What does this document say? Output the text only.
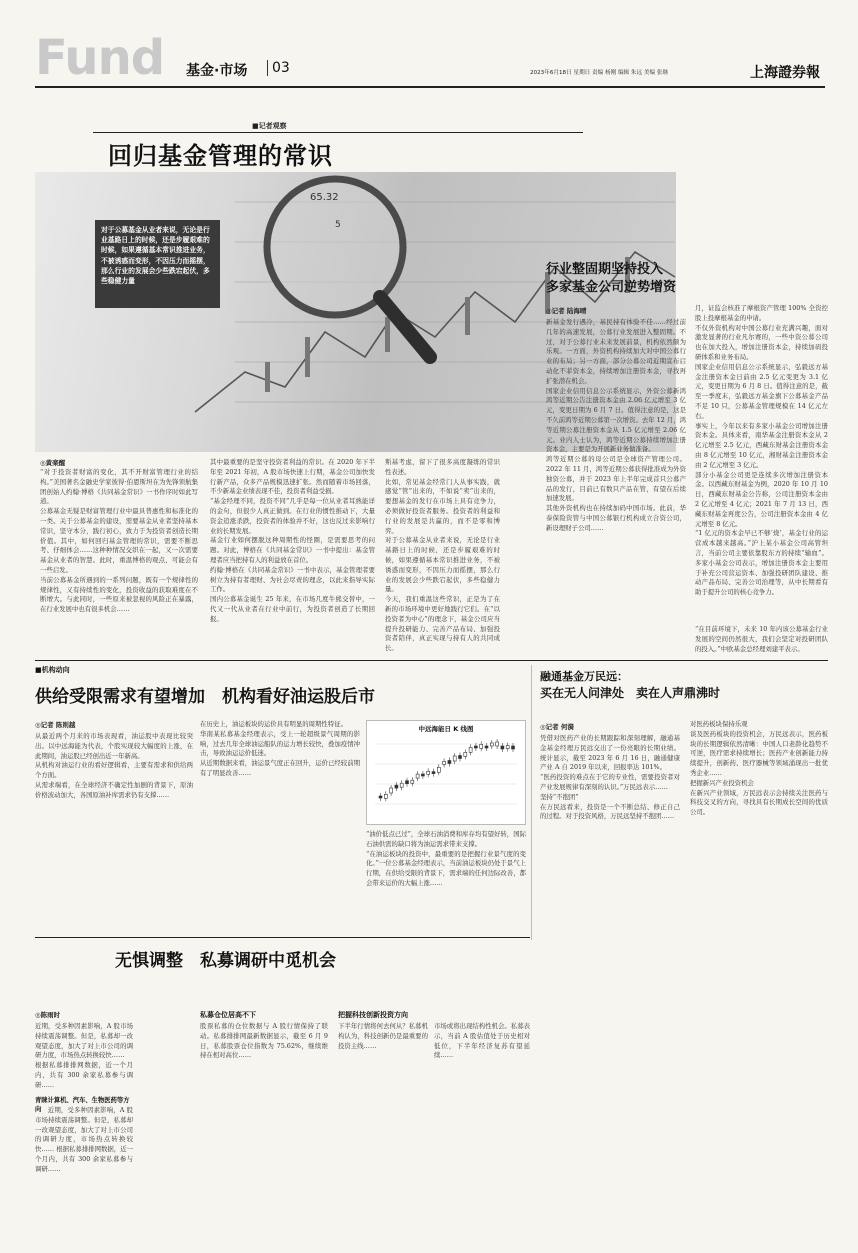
Fund 基金·市场 03	2023年6月18日 星期日 责编 杨刚 编辑 朱远 美编 张继	上海證券報
■记者观察
回归基金管理的常识
65.32
5
对于公募基金从业者来说，无论是行业基路日上的时候，还是步履艰难的时候，如果遵循基本常识推进业务，不被诱惑而变形，不因压力而摇摆，那么行业的发展会少些跌宕起伏，多些稳健力量
◎黄楽醒
“对于投资者财富的变化，其不开财富管理行业的结构。”美国著名金融史学家彼得·伯恩斯坦在为先锋领航集团创始人约翰·博格《共同基金常识》一书作序时如此写道。
公募基金无疑是财富管理行业中最具普惠性和标准化的一类。关于公募基金的建设，需要基金从业者坚持基本常识，坚守本分，践行初心，致力于为投资者创造长期价值。其中，如何回归基金管理的常识，需要不断思考、仔细体会……这种种情况交织在一起，又一次需要基金从业者的智慧。此时，重温博格的观点，可能会有一些启发。
当前公募基金所遇到的一系列问题，既有一个规律性的规律性，又有持续性的变化，投资收益的获取难度在不断增大。与此同时，一些原来被忽视的风险正在暴露，在行业发展中也有很多机会……
其中最重要的是坚守投资者利益的常识。在 2020 年下半年至 2021 年初，A 股市场快速上行期，基金公司加快发行新产品，众多产品规模迅速扩张。然而随着市场回落，不少新基金业绩表现不佳，投资者利益受损。
“基金经理不同，投资不同”几乎是每一位从业者耳熟能详的金句，但很少人真正做到。在行业的惯性推动下，大量资金追涨杀跌，投资者的体验并不好，这也反过来影响行业的长期发展。
基金行业如何摆脱这种周期性的怪圈，是需要思考的问题。对此，博格在《共同基金常识》一书中提出：基金管理者应当把持有人的利益放在首位。
约翰·博格在《共同基金常识》一书中表示，基金管理者要树立为持有者理财、为社会尽责的理念，以此来指导实际工作。
国内公募基金诞生 25 年来，在市场几度牛熊交替中，一代又一代从业者在行业中前行，为投资者创造了长期回报。
斯基考虑，留下了很多高度凝练的常识性表述。
比如，常见基金经常门人从事实践，就感觉“管”出来的，不如说“卖”出来的，要想基金的发行在市场上具有竞争力，必须做好投资者服务。投资者的利益和行业的发展是共赢的，而不是零和博弈。
对于公募基金从业者来说，无论是行业基路日上的时候，还是步履艰难的时候，如果遵循基本常识推进业务，不被诱惑而变形，不因压力而摇摆，那么行业的发展会少些跌宕起伏，多些稳健力量。
今天，我们重温这些常识，正是为了在新的市场环境中更好地践行它们。在“以投资者为中心”的理念下，基金公司应当提升投研能力、完善产品布局、加强投资者陪伴，真正实现与持有人的共同成长。
行业整固期坚持投入
多家基金公司逆势增资
◎记者 陆海晴
新基金发行遇冷，基民持有体验不佳……经过前几年的高速发展，公募行业发展进入整固期。不过，对于公募行业未来发展前景，机构依然颇为乐观。一方面，外资机构持续加大对中国公募行业的布局；另一方面，部分公募公司近期宣布启动化不菲资本金，持续增加注册资本金，寻找再扩张潜在机会。
国家企业信用信息公示系统显示，外资公募新鸿鸿等近期公告注册资本金由 2.06 亿元增至 3 亿元，变更日期为 6 月 7 日。值得注意的是，这是不久前鸿等近期公募第一次增资。去年 12 月，鸿等近期公募注册资本金从 1.5 亿元增至 2.06 亿元。业内人士认为，鸿等近期公募持续增加注册资本金，主要是为开展新业务做准备。
鸿等近期公募的母公司是全球资产管理公司。2022 年 11 月，鸿等近期公募获得批准成为外资独资公募，并于 2023 年上半年完成首只公募产品的发行，目前已有数只产品在管，有望在后续加速发展。
其他外资机构也在持续加码中国市场。此前，华泰保险资管与中国公募银行机构成立合资公司，新设理财子公司……
月，证监会核准了摩根资产管理 100% 全资控股上投摩根基金的申请。
不仅外资机构对中国公募行业充满兴趣，面对激发显著的行业凡尔赛的，一些中资公募公司也在加大投入，增加注册资本金，持续加码投研体系和业务布局。
国家企业信用信息公示系统显示，弘毅远方基金注册资本金日前由 2.5 亿元变更为 3.1 亿元，变更日期为 6 月 8 日。值得注意的是，截至一季度末，弘毅远方基金旗下公募基金产品不足 10 只，公募基金管理规模在 14 亿元左右。
事实上，今年以来有多家小基金公司增加注册资本金。具体来看，南华基金注册资本金从 2 亿元增至 2.5 亿元，西藏东财基金注册资本金由 8 亿元增至 10 亿元，湘财基金注册资本金由 2 亿元增至 3 亿元。
部分小基金公司更是连续多次增加注册资本金。以西藏东财基金为例，2020 年 10 月 10 日，西藏东财基金公告称，公司注册资本金由 2 亿元增至 4 亿元；2021 年 7 月 13 日，西藏东财基金再度公告，公司注册资本金由 4 亿元增至 8 亿元。
“1 亿元的资本金早已不够‘烧’，基金行业的运营成本越来越高。”沪上某小基金公司高管坦言，当前公司主要依靠股东方的持续“输血”。多家小基金公司表示，增加注册资本金主要用于补充公司营运资本、加强投研团队建设、推动产品布局、完善公司治理等，从中长期看有助于提升公司的核心竞争力。
“在目前环境下，未来 10 年内该公募基金行业发展的空间仍然很大，我们会坚定对投研团队的投入。”中欧基金总经理刘建平表示。
■机构动向
供给受限需求有望增加　机构看好油运股后市
◎记者 陈则越
从最近两个月来的市场表现看，油运股中表现比较突出。以中远海能为代表，个股实现较大幅度的上涨，在此期间，油运股已经创出近一年新高。
从机构对油运行业的看好逻辑看，主要有需求和供给两个方面。
从需求端看，在全球经济不确定性加剧的背景下，原油价格波动加大，各国原油补库需求仍有支撑……
在历史上，油运板块的运价具有明显的周期性特征。
华南某私募基金经理表示，受上一轮超级景气周期的影响，过去几年全球油运船队的运力增长较快，叠加疫情冲击，导致油运运价低迷。
从近期数据来看，油运景气度正在回升，运价已经较前期有了明显改善……
中远海能日 K 线图
“油价低点已过”，全球石油消费和库存均有望好转，国际石油供需的缺口将为油运需求带来支撑。
“在油运板块的投资中，最重要的是把握行业景气度的变化。”一位公募基金经理表示，当前油运板块仍处于景气上行期，在供给受限的背景下，需求端的任何边际改善，都会带来运价的大幅上涨……
融通基金万民远：
买在无人问津处　卖在人声鼎沸时
◎记者 何漪
凭借对医药产业的长期跟踪和深刻理解，融通基金基金经理万民远交出了一份亮眼的长期业绩。统计显示，截至 2023 年 6 月 16 日，融通健康产业 A 自 2019 年以来，回报率达 101%。
“医药投资的难点在于它的专业性，需要投资者对产业发展规律有深刻的认识。”万民远表示……
坚持“不抱团”
在万民远看来，投资是一个不断总结、修正自己的过程。对于投资风格，万民远坚持不抱团……
对医药板块保持乐观
谈及医药板块的投资机会，万民远表示，医药板块的长期逻辑依然清晰：中国人口老龄化趋势不可逆，医疗需求持续增长；医药产业创新能力持续提升，创新药、医疗器械等领域涌现出一批优秀企业……
把握新兴产业投资机会
在新兴产业领域，万民远表示会持续关注医药与科技交叉的方向，寻找具有长期成长空间的优质公司。
无惧调整　私募调研中觅机会
◎陈雨时
近期，受多种因素影响，A 股市场持续震荡调整。但是，私募却一改观望态度，加大了对上市公司的调研力度，市场热点转换较快……
根据私募排排网数据，近一个月内，共有 300 余家私募参与调研……
青睐计算机、汽车、生物医药等方向	近期，受多种因素影响，A 股市场持续震荡调整。但是，私募却一改观望态度，加大了对上市公司的调研力度，市场热点转换较快…… 根据私募排排网数据，近一个月内，共有 300 余家私募参与调研……

私募仓位居高不下
股票私募的仓位数据与 A 股行情保持了联动。私募排排网最新数据显示，截至 6 月 9 日，私募股票仓位指数为 75.62%，继续维持在相对高位……
把握科技创新投资方向
下半年行情将何去何从？私募机构认为，科技创新仍是最重要的投资主线……
市场或将出现结构性机会。私募表示，当前 A 股估值处于历史相对低位，下半年经济复苏有望延续……
